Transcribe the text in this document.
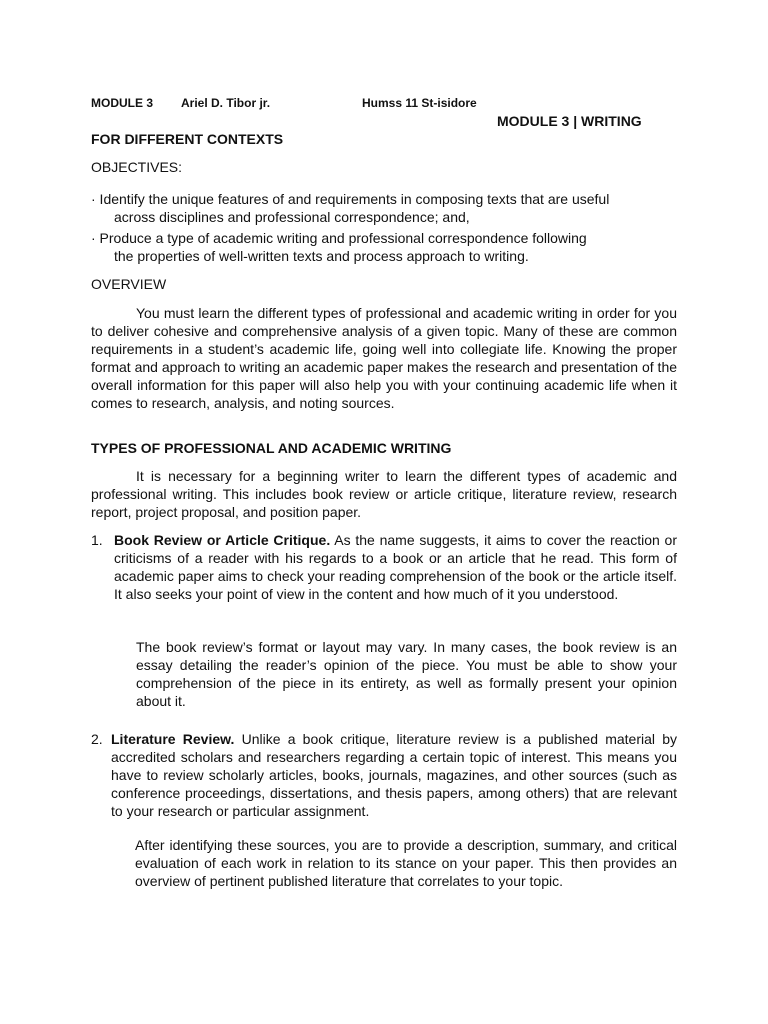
MODULE 3 Ariel D. Tibor jr.	Humss 11 St-isidore
MODULE 3 | WRITING
FOR DIFFERENT CONTEXTS
OBJECTIVES:
· Identify the unique features of and requirements in composing texts that are useful
across disciplines and professional correspondence; and,
· Produce a type of academic writing and professional correspondence following
the properties of well-written texts and process approach to writing.
OVERVIEW
You must learn the different types of professional and academic writing in order for you to deliver cohesive and comprehensive analysis of a given topic. Many of these are common requirements in a student’s academic life, going well into collegiate life. Knowing the proper format and approach to writing an academic paper makes the research and presentation of the overall information for this paper will also help you with your continuing academic life when it comes to research, analysis, and noting sources.
TYPES OF PROFESSIONAL AND ACADEMIC WRITING
It is necessary for a beginning writer to learn the different types of academic and professional writing. This includes book review or article critique, literature review, research report, project proposal, and position paper.
1. Book Review or Article Critique. As the name suggests, it aims to cover the reaction or criticisms of a reader with his regards to a book or an article that he read. This form of academic paper aims to check your reading comprehension of the book or the article itself. It also seeks your point of view in the content and how much of it you understood.
The book review’s format or layout may vary. In many cases, the book review is an essay detailing the reader’s opinion of the piece. You must be able to show your comprehension of the piece in its entirety, as well as formally present your opinion about it.
2. Literature Review. Unlike a book critique, literature review is a published material by accredited scholars and researchers regarding a certain topic of interest. This means you have to review scholarly articles, books, journals, magazines, and other sources (such as conference proceedings, dissertations, and thesis papers, among others) that are relevant to your research or particular assignment.
After identifying these sources, you are to provide a description, summary, and critical evaluation of each work in relation to its stance on your paper. This then provides an overview of pertinent published literature that correlates to your topic.
